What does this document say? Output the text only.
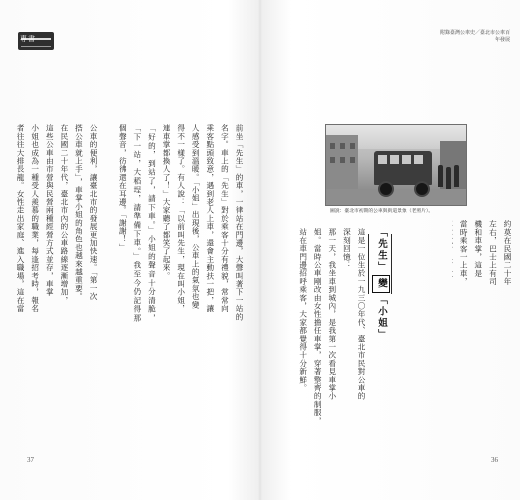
專書
附錄臺灣公車史／臺北市公車百年發展
前坐「先生」的車，一律站在門邊，大聲叫著下一站的
名字。車上的「先生」對於乘客十分有禮貌，常常向
乘客點頭致意，遇到老人上車，還會主動扶一把，讓
人感受到溫暖。「小姐」出現後，公車上的氣氛也變
得不一樣了。有人說：「以前叫先生，現在叫小姐，
連車掌都換人了！」大家聽了都笑了起來。
「好的，到站了，請下車。」小姐的聲音十分清脆，
「下一站，大稻埕，請準備下車。」我至今仍記得那
個聲音，彷彿還在耳邊。「謝謝！」

公車的便利，讓臺北市的發展更加快速。「第一次
搭公車就上手」，車掌小姐的角色也越來越重要。
在民國二十年代，臺北市內的公車路線逐漸增加，
這些公車由市營與民營兩種經營方式並存，車掌
小姐也成為一種受人羨慕的職業，每逢招考時，報名
者往往大排長龍。女性走出家庭、進入職場，這在當
　	約莫在民國二十年左右，巴士上有司機和車掌，這是
當時乘客一上車，
這是一位生於一九三〇年代、臺北市民對公車的
深刻回憶：
那一天，我坐車到城內，是我第一次看見車掌小
姐。當時公車剛改由女性擔任車掌，穿著整齊的制服，
站在車門邊招呼乘客，大家都覺得十分新鮮。
圖說：臺北市初期的公車與街道景象（老照片）。
「先生」變「小姐」
37	36
